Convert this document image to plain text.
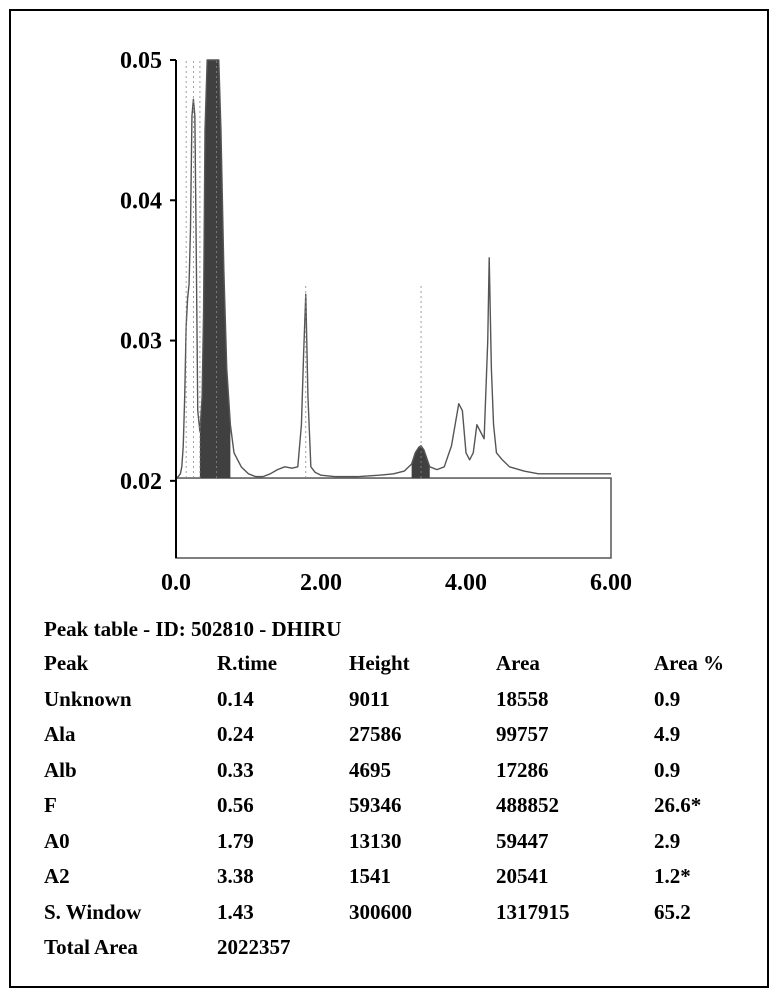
0.05
0.04
0.03
0.02
0.0	2.00	4.00	6.00
Peak table - ID: 502810 - DHIRU				
Peak	R.time	Height	Area	Area %
Unknown	0.14	9011	18558	0.9
Ala	0.24	27586	99757	4.9
Alb	0.33	4695	17286	0.9
F	0.56	59346	488852	26.6*
A0	1.79	13130	59447	2.9
A2	3.38	1541	20541	1.2*
S. Window	1.43	300600	1317915	65.2
Total Area	2022357			
